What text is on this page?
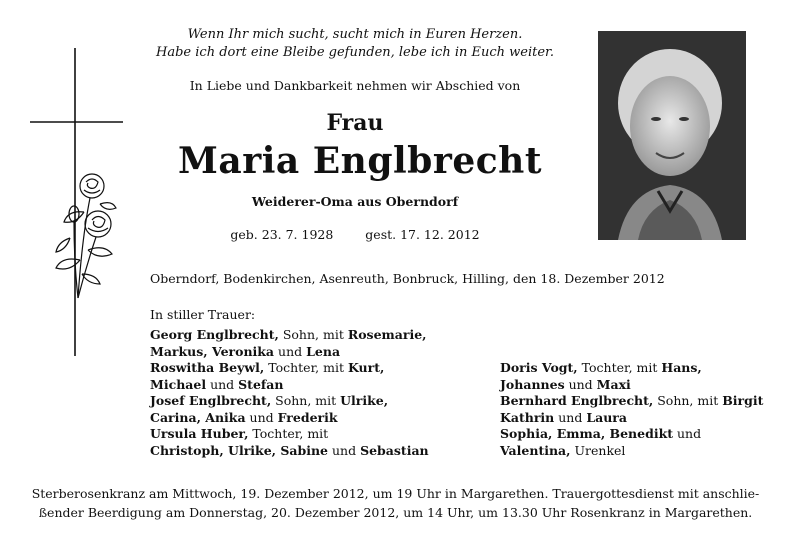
Wenn Ihr mich sucht, sucht mich in Euren Herzen.
Habe ich dort eine Bleibe gefunden, lebe ich in Euch weiter.
In Liebe und Dankbarkeit nehmen wir Abschied von
Frau
Maria Englbrecht
Weiderer-Oma aus Oberndorf
geb. 23. 7. 1928	gest. 17. 12. 2012
Oberndorf, Bodenkirchen, Asenreuth, Bonbruck, Hilling, den 18. Dezember 2012
In stiller Trauer:
Georg Englbrecht, Sohn, mit Rosemarie,
Markus, Veronika und Lena
Roswitha Beywl, Tochter, mit Kurt,
Michael und Stefan
Josef Englbrecht, Sohn, mit Ulrike,
Carina, Anika und Frederik
Ursula Huber, Tochter, mit
Christoph, Ulrike, Sabine und Sebastian
Doris Vogt, Tochter, mit Hans,
Johannes und Maxi
Bernhard Englbrecht, Sohn, mit Birgit
Kathrin und Laura
Sophia, Emma, Benedikt und
Valentina, Urenkel
Sterberosenkranz am Mittwoch, 19. Dezember 2012, um 19 Uhr in Margarethen. Trauergottesdienst mit anschlie-
ßender Beerdigung am Donnerstag, 20. Dezember 2012, um 14 Uhr, um 13.30 Uhr Rosenkranz in Margarethen.
